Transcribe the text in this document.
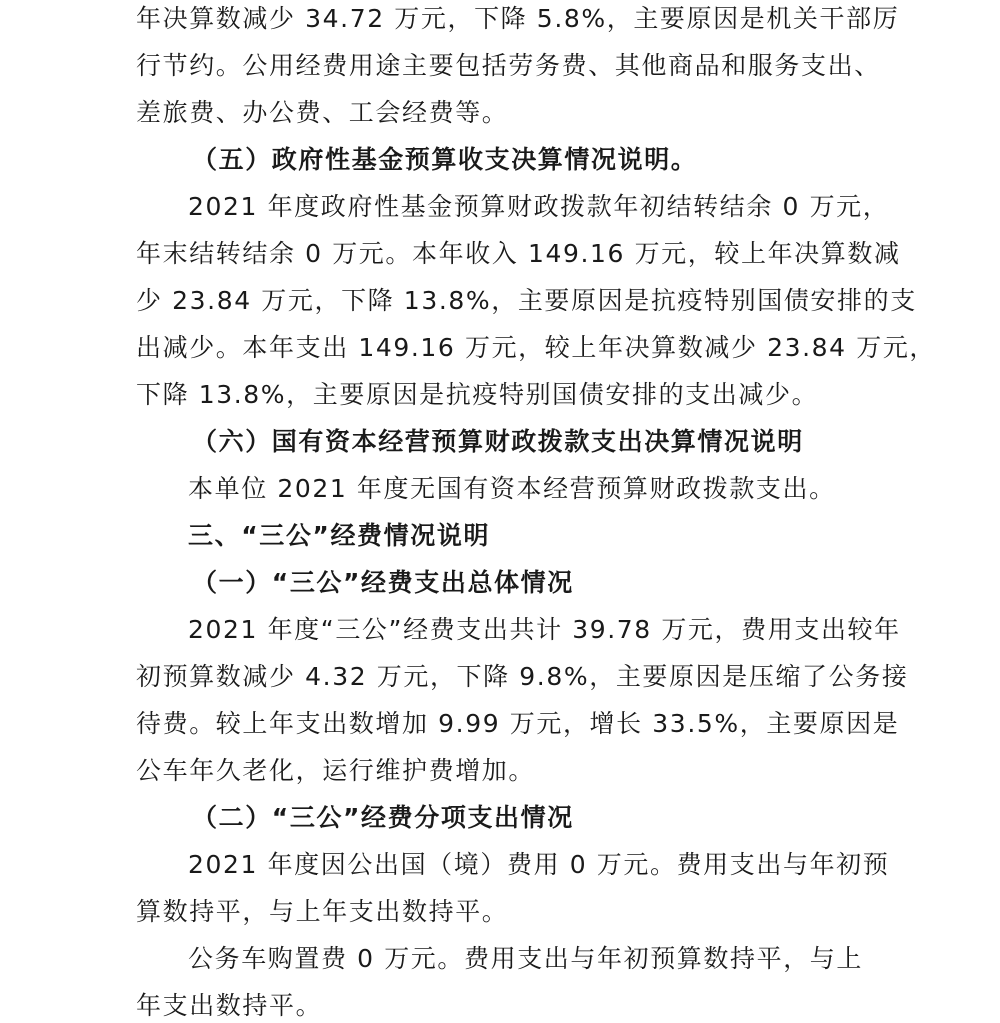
年决算数减少 34.72 万元，下降 5.8%，主要原因是机关干部厉
行节约。公用经费用途主要包括劳务费、其他商品和服务支出、
差旅费、办公费、工会经费等。
（五）政府性基金预算收支决算情况说明。
2021 年度政府性基金预算财政拨款年初结转结余 0 万元，
年末结转结余 0 万元。本年收入 149.16 万元，较上年决算数减
少 23.84 万元，下降 13.8%，主要原因是抗疫特别国债安排的支
出减少。本年支出 149.16 万元，较上年决算数减少 23.84 万元，
下降 13.8%，主要原因是抗疫特别国债安排的支出减少。
（六）国有资本经营预算财政拨款支出决算情况说明
本单位 2021 年度无国有资本经营预算财政拨款支出。
三、“三公”经费情况说明
（一）“三公”经费支出总体情况
2021 年度“三公”经费支出共计 39.78 万元，费用支出较年
初预算数减少 4.32 万元，下降 9.8%，主要原因是压缩了公务接
待费。较上年支出数增加 9.99 万元，增长 33.5%，主要原因是
公车年久老化，运行维护费增加。
（二）“三公”经费分项支出情况
2021 年度因公出国（境）费用 0 万元。费用支出与年初预
算数持平，与上年支出数持平。
公务车购置费 0 万元。费用支出与年初预算数持平，与上
年支出数持平。
